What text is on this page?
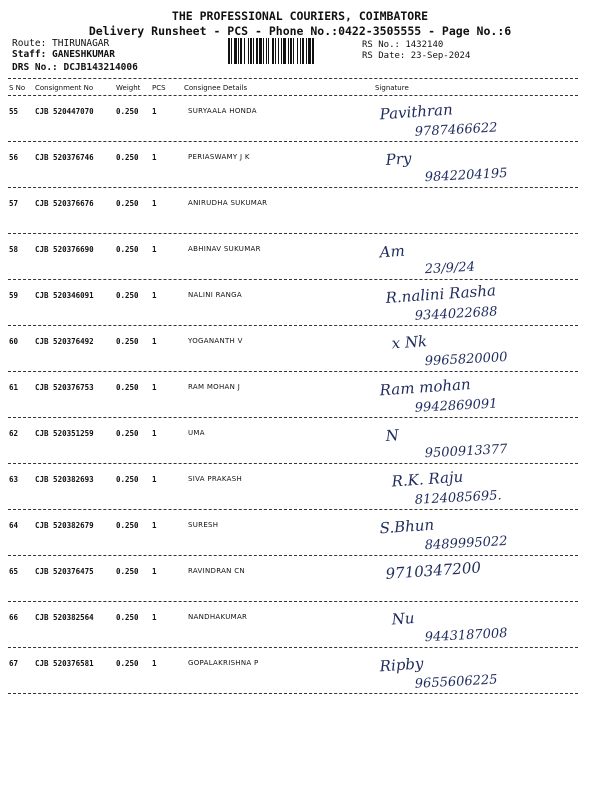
THE PROFESSIONAL COURIERS, COIMBATORE
Delivery Runsheet - PCS - Phone No.:0422-3505555 - Page No.:6
Route: THIRUNAGAR
Staff: GANESHKUMAR
DRS No.: DCJB143214006
RS No.: 1432140
RS Date: 23-Sep-2024
S No Consignment No	Weight PCS	Consignee Details	Signature
55 CJB 520447070	0.250 1	SURYAALA HONDA	Pavithran
9787466622
56 CJB 520376746	0.250 1	PERIASWAMY J K	Pry
9842204195
57 CJB 520376676	0.250 1	ANIRUDHA SUKUMAR
58 CJB 520376690	0.250 1	ABHINAV SUKUMAR	Am
23/9/24
59 CJB 520346091	0.250 1	NALINI RANGA	R.nalini Rasha
9344022688
60 CJB 520376492	0.250 1	YOGANANTH V	x Nk
9965820000
61 CJB 520376753	0.250 1	RAM MOHAN J	Ram mohan
9942869091
62 CJB 520351259	0.250 1	UMA	N
9500913377
63 CJB 520382693	0.250 1	SIVA PRAKASH	R.K. Raju
8124085695.
64 CJB 520382679	0.250 1	SURESH	S.Bhun
8489995022
65 CJB 520376475	0.250 1	RAVINDRAN CN	9710347200
66 CJB 520382564	0.250 1	NANDHAKUMAR	Nu
9443187008
67 CJB 520376581	0.250 1	GOPALAKRISHNA P	Ripby
9655606225
